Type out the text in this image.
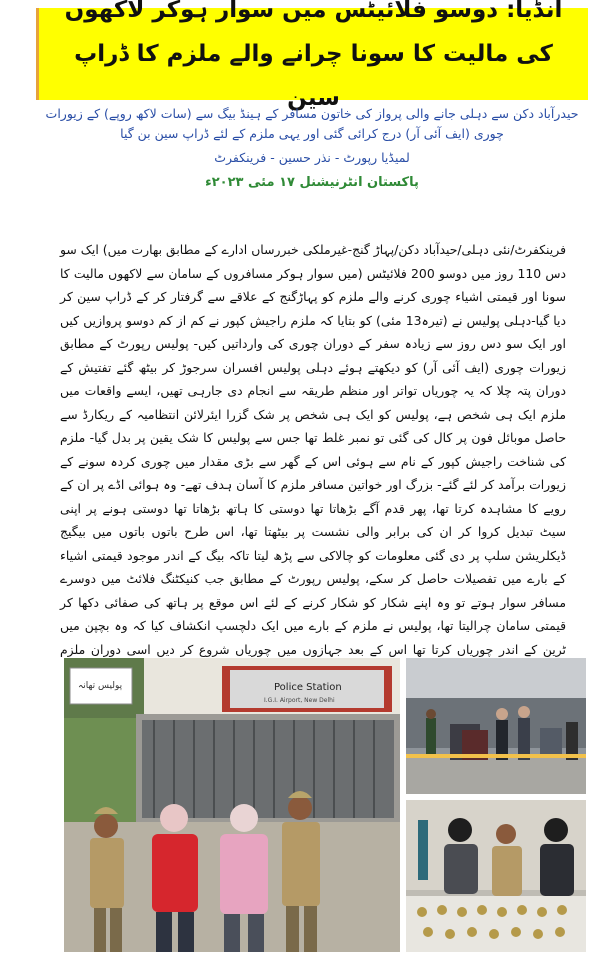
انڈیا: دوسو فلائیٹس میں سوار ہوکر لاکھوں کی مالیت کا سونا چرانے والے ملزم کا ڈراپ سین
حیدرآباد دکن سے دہلی جانے والی پرواز کی خاتون مسافر کے ہینڈ بیگ سے (سات لاکھ روپے) کے زیورات چوری (ایف آئی آر) درج کرائی گئی اور یہی ملزم کے لئے ڈراپ سین بن گیا
لمیڈیا رپورٹ - نذر حسین - فرینکفرٹ
پاکستان انٹرنیشنل ۱۷ مئی ۲۰۲۳ء
فرینکفرٹ/نئی دہلی/حیدآباد دکن/پہاڑ گنج-غیرملکی خبررساں ادارے کے مطابق بھارت میں) ایک سو دس 110 روز میں دوسو 200 فلائیٹس (میں سوار ہوکر مسافروں کے سامان سے لاکھوں مالیت کا سونا اور قیمتی اشیاء چوری کرنے والے ملزم کو پہاڑگنج کے علاقے سے گرفتار کر کے ڈراپ سین کر دیا گیا-دہلی پولیس نے (تیرہ13 مئی) کو بتایا کہ ملزم راجیش کپور نے کم از کم دوسو پروازیں کیں اور ایک سو دس روز سے زیادہ سفر کے دوران چوری کی وارداتیں کیں- پولیس رپورٹ کے مطابق زیورات چوری (ایف آئی آر) کو دیکھتے ہوئے دہلی پولیس افسران سرجوڑ کر بیٹھ گئے تفتیش کے دوران پتہ چلا کہ یہ چوریاں تواتر اور منظم طریقہ سے انجام دی جارہی تھیں، ایسے واقعات میں ملزم ایک ہی شخص ہے، پولیس کو ایک ہی شخص پر شک گزرا ایئرلائن انتظامیہ کے ریکارڈ سے حاصل موبائل فون پر کال کی گئی تو نمبر غلط تھا جس سے پولیس کا شک یقین پر بدل گیا- ملزم کی شناخت راجیش کپور کے نام سے ہوئی اس کے گھر سے بڑی مقدار میں چوری کردہ سونے کے زیورات برآمد کر لئے گئے- بزرگ اور خواتین مسافر ملزم کا آسان ہدف تھے- وہ ہوائی اڈے پر ان کے رویے کا مشاہدہ کرتا تھا، پھر قدم آگے بڑھاتا تھا دوستی کا ہاتھ بڑھاتا تھا دوستی ہونے پر اپنی سیٹ تبدیل کروا کر ان کی برابر والی نشست پر بیٹھتا تھا، اس طرح باتوں باتوں میں بیگیج ڈیکلریشن سلپ پر دی گئی معلومات کو چالاکی سے پڑھ لیتا تاکہ بیگ کے اندر موجود قیمتی اشیاء کے بارے میں تفصیلات حاصل کر سکے، پولیس رپورٹ کے مطابق جب کنیکٹنگ فلائٹ میں دوسرے مسافر سوار ہوتے تو وہ اپنے شکار کو شکار کرنے کے لئے اس موقع پر ہاتھ کی صفائی دکھا کر قیمتی سامان چرالیتا تھا، پولیس نے ملزم کے بارے میں ایک دلچسپ انکشاف کیا کہ وہ بچپن میں ٹرین کے اندر چوریاں کرتا تھا اس کے بعد جہازوں میں چوریاں شروع کر دیں اسی دوران ملزم
پولیس تھانہ	Police Station
I.G.I. Airport, New Delhi
